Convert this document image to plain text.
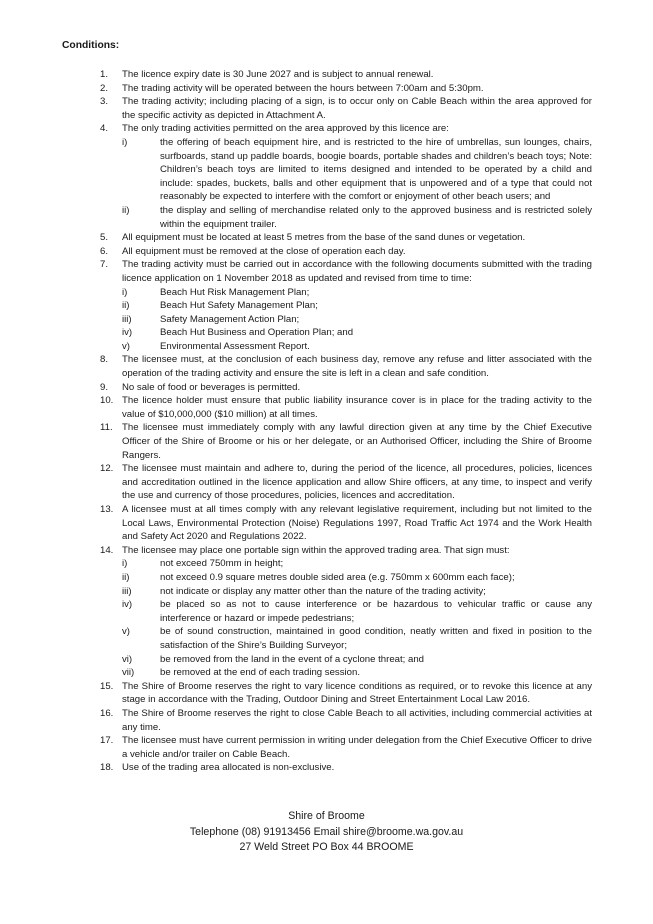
Conditions:
1.	The licence expiry date is 30 June 2027 and is subject to annual renewal.
2.	The trading activity will be operated between the hours between 7:00am and 5:30pm.
3.	The trading activity; including placing of a sign, is to occur only on Cable Beach within the area approved for the specific activity as depicted in Attachment A.
4.	The only trading activities permitted on the area approved by this licence are:
i)	the offering of beach equipment hire, and is restricted to the hire of umbrellas, sun lounges, chairs, surfboards, stand up paddle boards, boogie boards, portable shades and children’s beach toys; Note: Children’s beach toys are limited to items designed and intended to be operated by a child and include: spades, buckets, balls and other equipment that is unpowered and of a type that could not reasonably be expected to interfere with the comfort or enjoyment of other beach users; and
ii)	the display and selling of merchandise related only to the approved business and is restricted solely within the equipment trailer.
5.	All equipment must be located at least 5 metres from the base of the sand dunes or vegetation.
6.	All equipment must be removed at the close of operation each day.
7.	The trading activity must be carried out in accordance with the following documents submitted with the trading licence application on 1 November 2018 as updated and revised from time to time:
i)	Beach Hut Risk Management Plan;
ii)	Beach Hut Safety Management Plan;
iii)	Safety Management Action Plan;
iv)	Beach Hut Business and Operation Plan; and
v)	Environmental Assessment Report.
8.	The licensee must, at the conclusion of each business day, remove any refuse and litter associated with the operation of the trading activity and ensure the site is left in a clean and safe condition.
9.	No sale of food or beverages is permitted.
10. The licence holder must ensure that public liability insurance cover is in place for the trading activity to the value of $10,000,000 ($10 million) at all times.
11. The licensee must immediately comply with any lawful direction given at any time by the Chief Executive Officer of the Shire of Broome or his or her delegate, or an Authorised Officer, including the Shire of Broome Rangers.
12. The licensee must maintain and adhere to, during the period of the licence, all procedures, policies, licences and accreditation outlined in the licence application and allow Shire officers, at any time, to inspect and verify the use and currency of those procedures, policies, licences and accreditation.
13. A licensee must at all times comply with any relevant legislative requirement, including but not limited to the Local Laws, Environmental Protection (Noise) Regulations 1997, Road Traffic Act 1974 and the Work Health and Safety Act 2020 and Regulations 2022.
14. The licensee may place one portable sign within the approved trading area. That sign must:
i)	not exceed 750mm in height;
ii)	not exceed 0.9 square metres double sided area (e.g. 750mm x 600mm each face);
iii)	not indicate or display any matter other than the nature of the trading activity;
iv)	be placed so as not to cause interference or be hazardous to vehicular traffic or cause any interference or hazard or impede pedestrians;
v)	be of sound construction, maintained in good condition, neatly written and fixed in position to the satisfaction of the Shire’s Building Surveyor;
vi)	be removed from the land in the event of a cyclone threat; and
vii)	be removed at the end of each trading session.
15. The Shire of Broome reserves the right to vary licence conditions as required, or to revoke this licence at any stage in accordance with the Trading, Outdoor Dining and Street Entertainment Local Law 2016.
16. The Shire of Broome reserves the right to close Cable Beach to all activities, including commercial activities at any time.
17. The licensee must have current permission in writing under delegation from the Chief Executive Officer to drive a vehicle and/or trailer on Cable Beach.
18. Use of the trading area allocated is non-exclusive.
Shire of Broome
Telephone (08) 91913456 Email shire@broome.wa.gov.au
27 Weld Street PO Box 44 BROOME
